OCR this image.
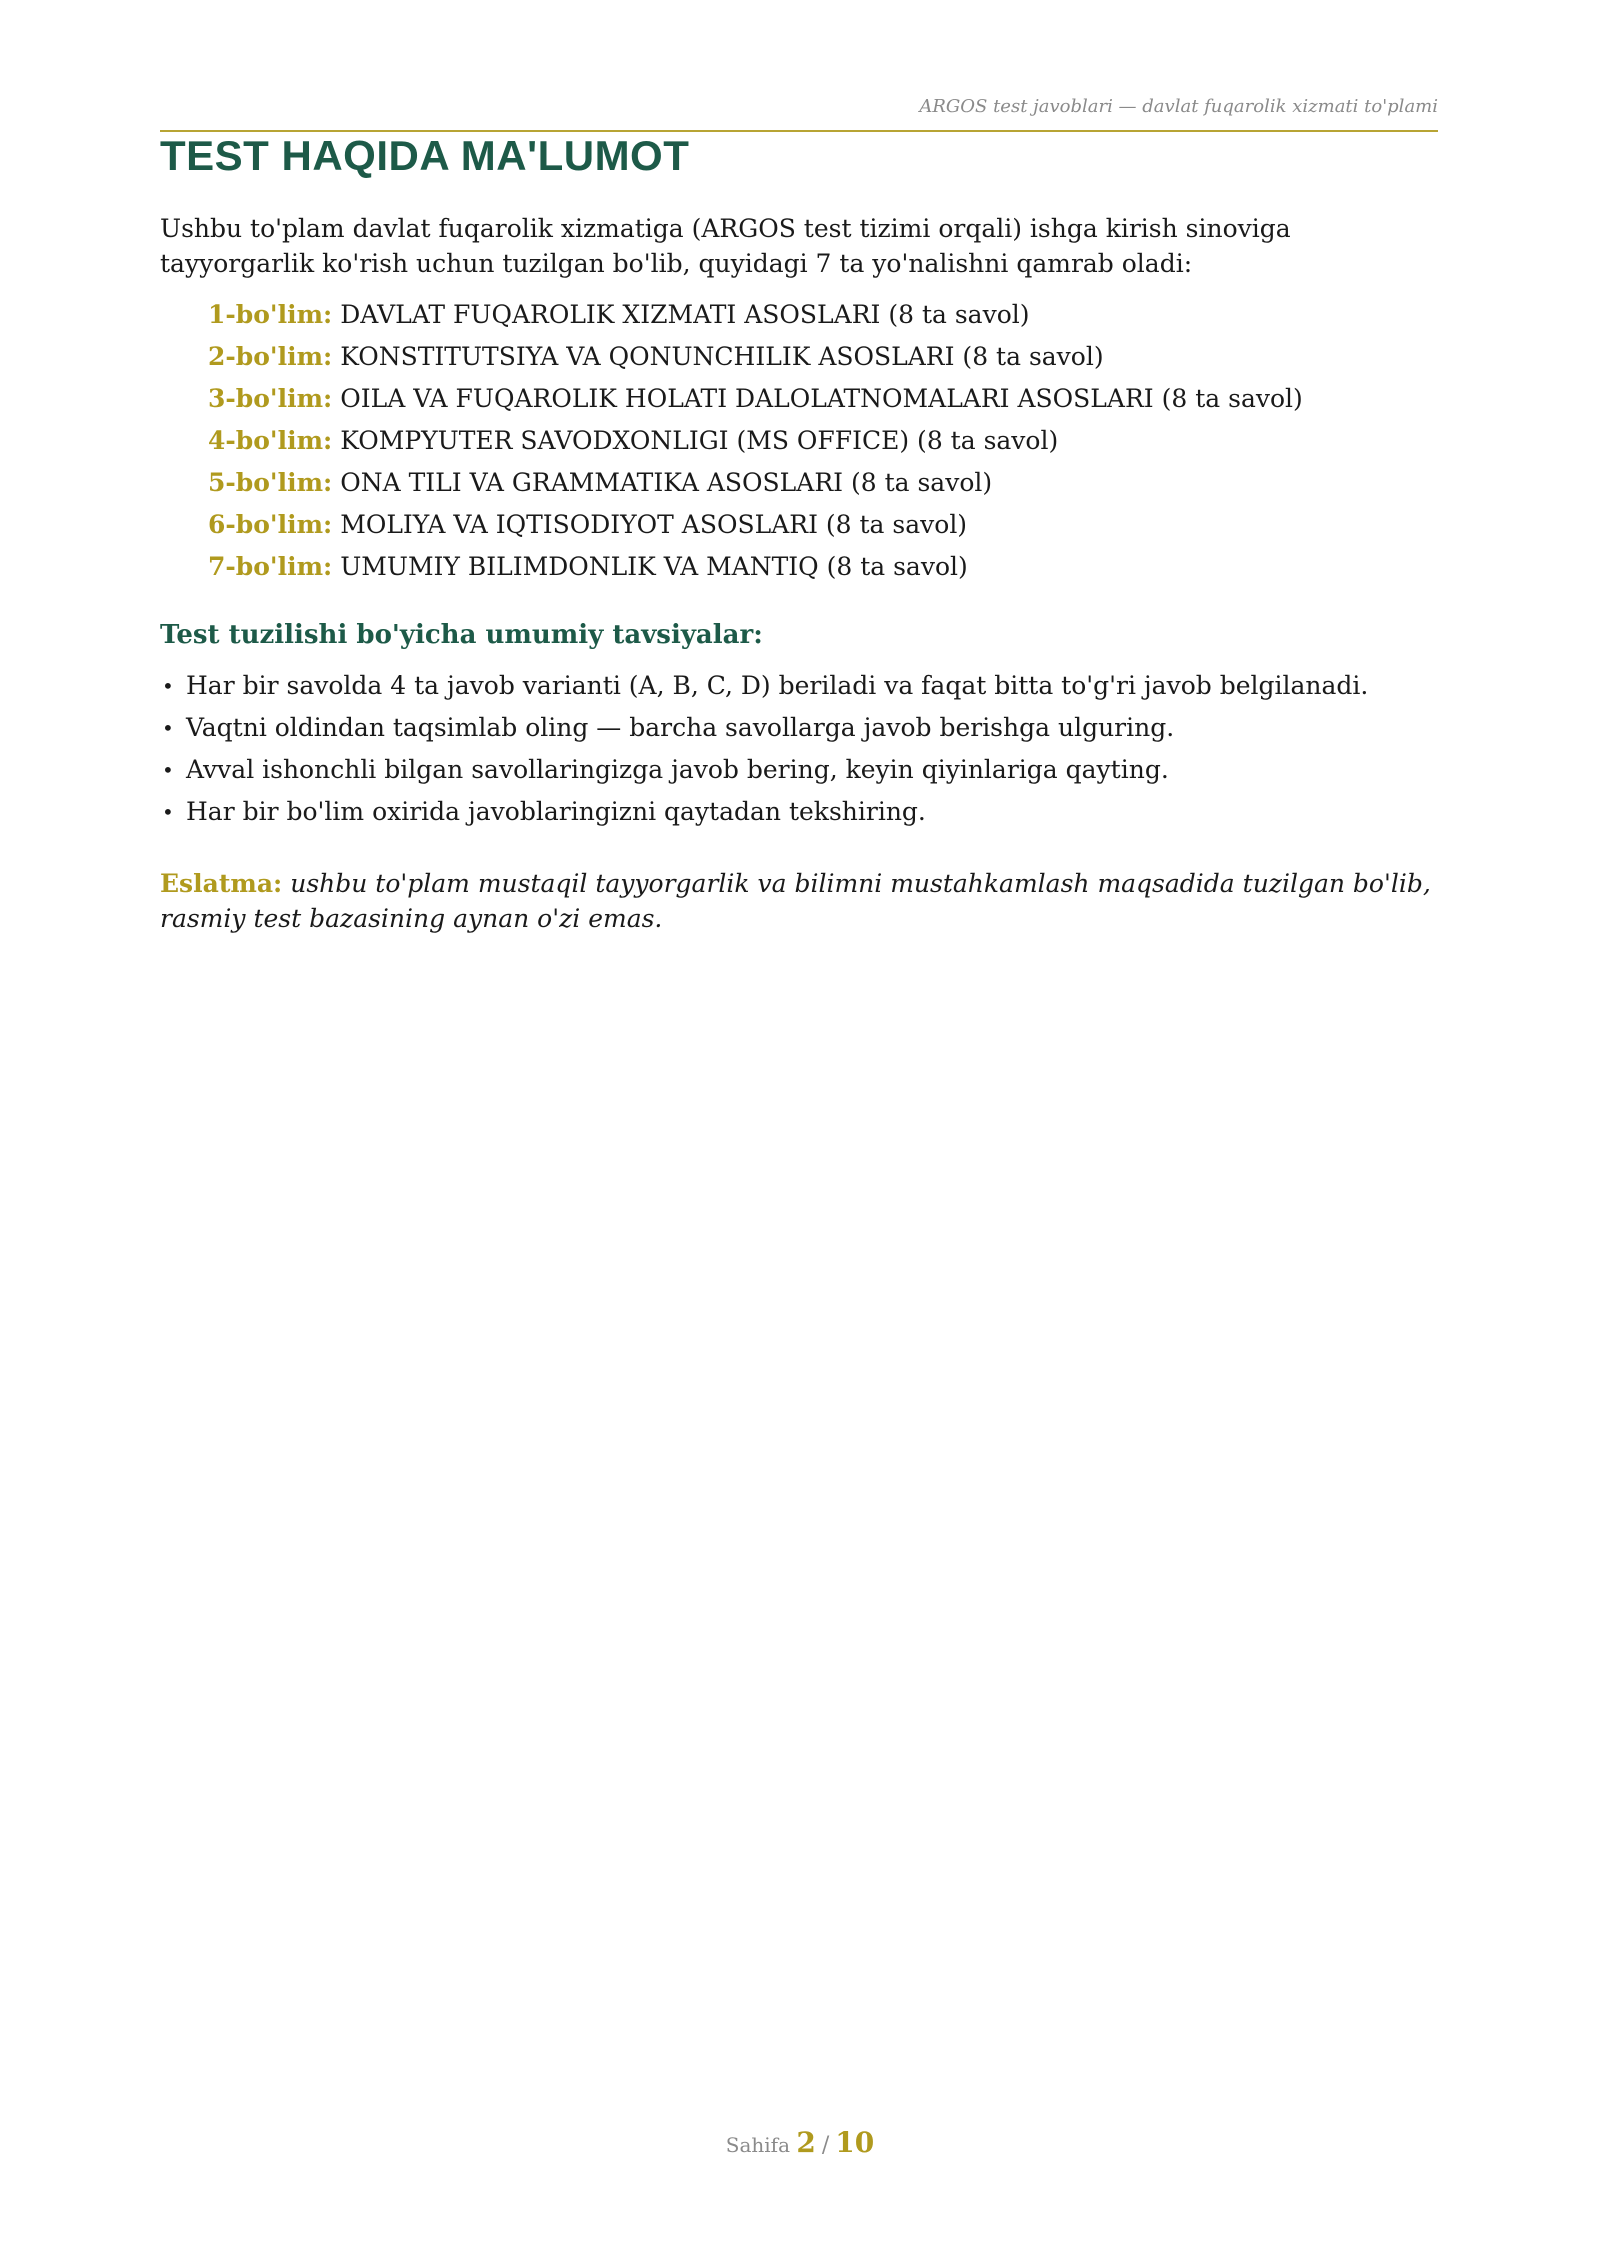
ARGOS test javoblari — davlat fuqarolik xizmati to'plami
TEST HAQIDA MA'LUMOT

Ushbu to'plam davlat fuqarolik xizmatiga (ARGOS test tizimi orqali) ishga kirish sinoviga tayyorgarlik ko'rish uchun tuzilgan bo'lib, quyidagi 7 ta yo'nalishni qamrab oladi:

1-bo'lim: DAVLAT FUQAROLIK XIZMATI ASOSLARI (8 ta savol)
2-bo'lim: KONSTITUTSIYA VA QONUNCHILIK ASOSLARI (8 ta savol)
3-bo'lim: OILA VA FUQAROLIK HOLATI DALOLATNOMALARI ASOSLARI (8 ta savol)
4-bo'lim: KOMPYUTER SAVODXONLIGI (MS OFFICE) (8 ta savol)
5-bo'lim: ONA TILI VA GRAMMATIKA ASOSLARI (8 ta savol)
6-bo'lim: MOLIYA VA IQTISODIYOT ASOSLARI (8 ta savol)
7-bo'lim: UMUMIY BILIMDONLIK VA MANTIQ (8 ta savol)
Test tuzilishi bo'yicha umumiy tavsiyalar:
• Har bir savolda 4 ta javob varianti (A, B, C, D) beriladi va faqat bitta to'g'ri javob belgilanadi.
• Vaqtni oldindan taqsimlab oling — barcha savollarga javob berishga ulguring.
• Avval ishonchli bilgan savollaringizga javob bering, keyin qiyinlariga qayting.
• Har bir bo'lim oxirida javoblaringizni qaytadan tekshiring.

Eslatma: ushbu to'plam mustaqil tayyorgarlik va bilimni mustahkamlash maqsadida tuzilgan bo'lib, rasmiy test bazasining aynan o'zi emas.

Sahifa 2 / 10
